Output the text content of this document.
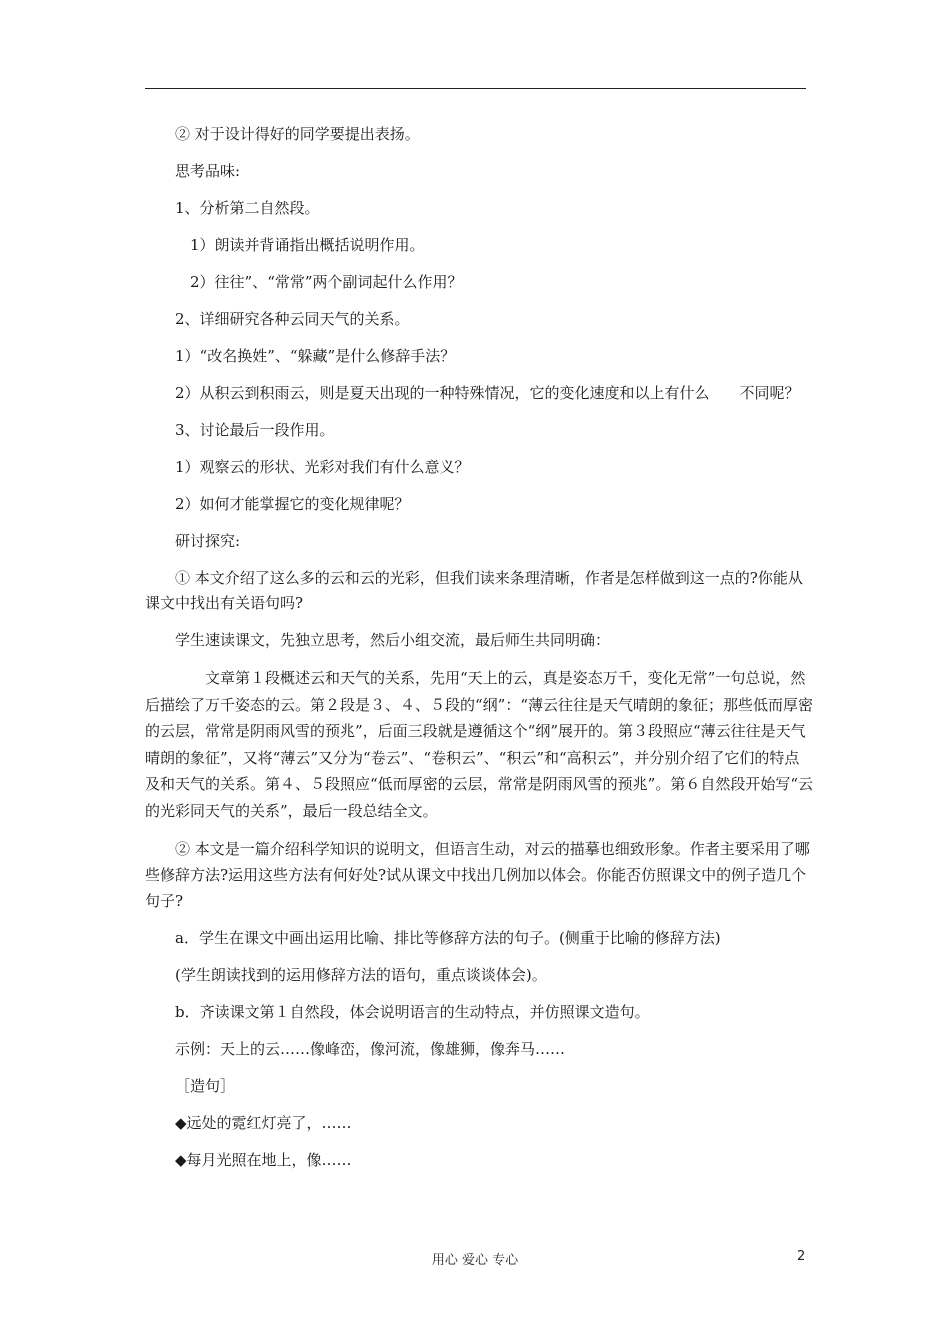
② 对于设计得好的同学要提出表扬。

思考品味:

1、分析第二自然段。

1）朗读并背诵指出概括说明作用。

2）往往”、“常常”两个副词起什么作用？

2、详细研究各种云同天气的关系。

1）“改名换姓”、“躲藏”是什么修辞手法？

2）从积云到积雨云，则是夏天出现的一种特殊情况，它的变化速度和以上有什么　　不同呢？

3、讨论最后一段作用。

1）观察云的形状、光彩对我们有什么意义？

2）如何才能掌握它的变化规律呢？

研讨探究:

① 本文介绍了这么多的云和云的光彩，但我们读来条理清晰，作者是怎样做到这一点的?你能从课文中找出有关语句吗?

学生速读课文，先独立思考，然后小组交流，最后师生共同明确：

文章第１段概述云和天气的关系，先用“天上的云，真是姿态万千，变化无常”一句总说，然后描绘了万千姿态的云。第２段是３、４、５段的“纲”：“薄云往往是天气晴朗的象征；那些低而厚密的云层，常常是阴雨风雪的预兆”，后面三段就是遵循这个“纲”展开的。第３段照应“薄云往往是天气晴朗的象征”，又将“薄云”又分为“卷云”、“卷积云”、“积云”和“高积云”，并分别介绍了它们的特点及和天气的关系。第４、５段照应“低而厚密的云层，常常是阴雨风雪的预兆”。第６自然段开始写“云的光彩同天气的关系”，最后一段总结全文。

② 本文是一篇介绍科学知识的说明文，但语言生动，对云的描摹也细致形象。作者主要采用了哪些修辞方法?运用这些方法有何好处?试从课文中找出几例加以体会。你能否仿照课文中的例子造几个句子?

a．学生在课文中画出运用比喻、排比等修辞方法的句子。(侧重于比喻的修辞方法)

(学生朗读找到的运用修辞方法的语句，重点谈谈体会)。

b．齐读课文第１自然段，体会说明语言的生动特点，并仿照课文造句。

示例：天上的云……像峰峦，像河流，像雄狮，像奔马……

［造句］

◆远处的霓红灯亮了，……

◆每月光照在地上，像……

用心 爱心 专心	2
